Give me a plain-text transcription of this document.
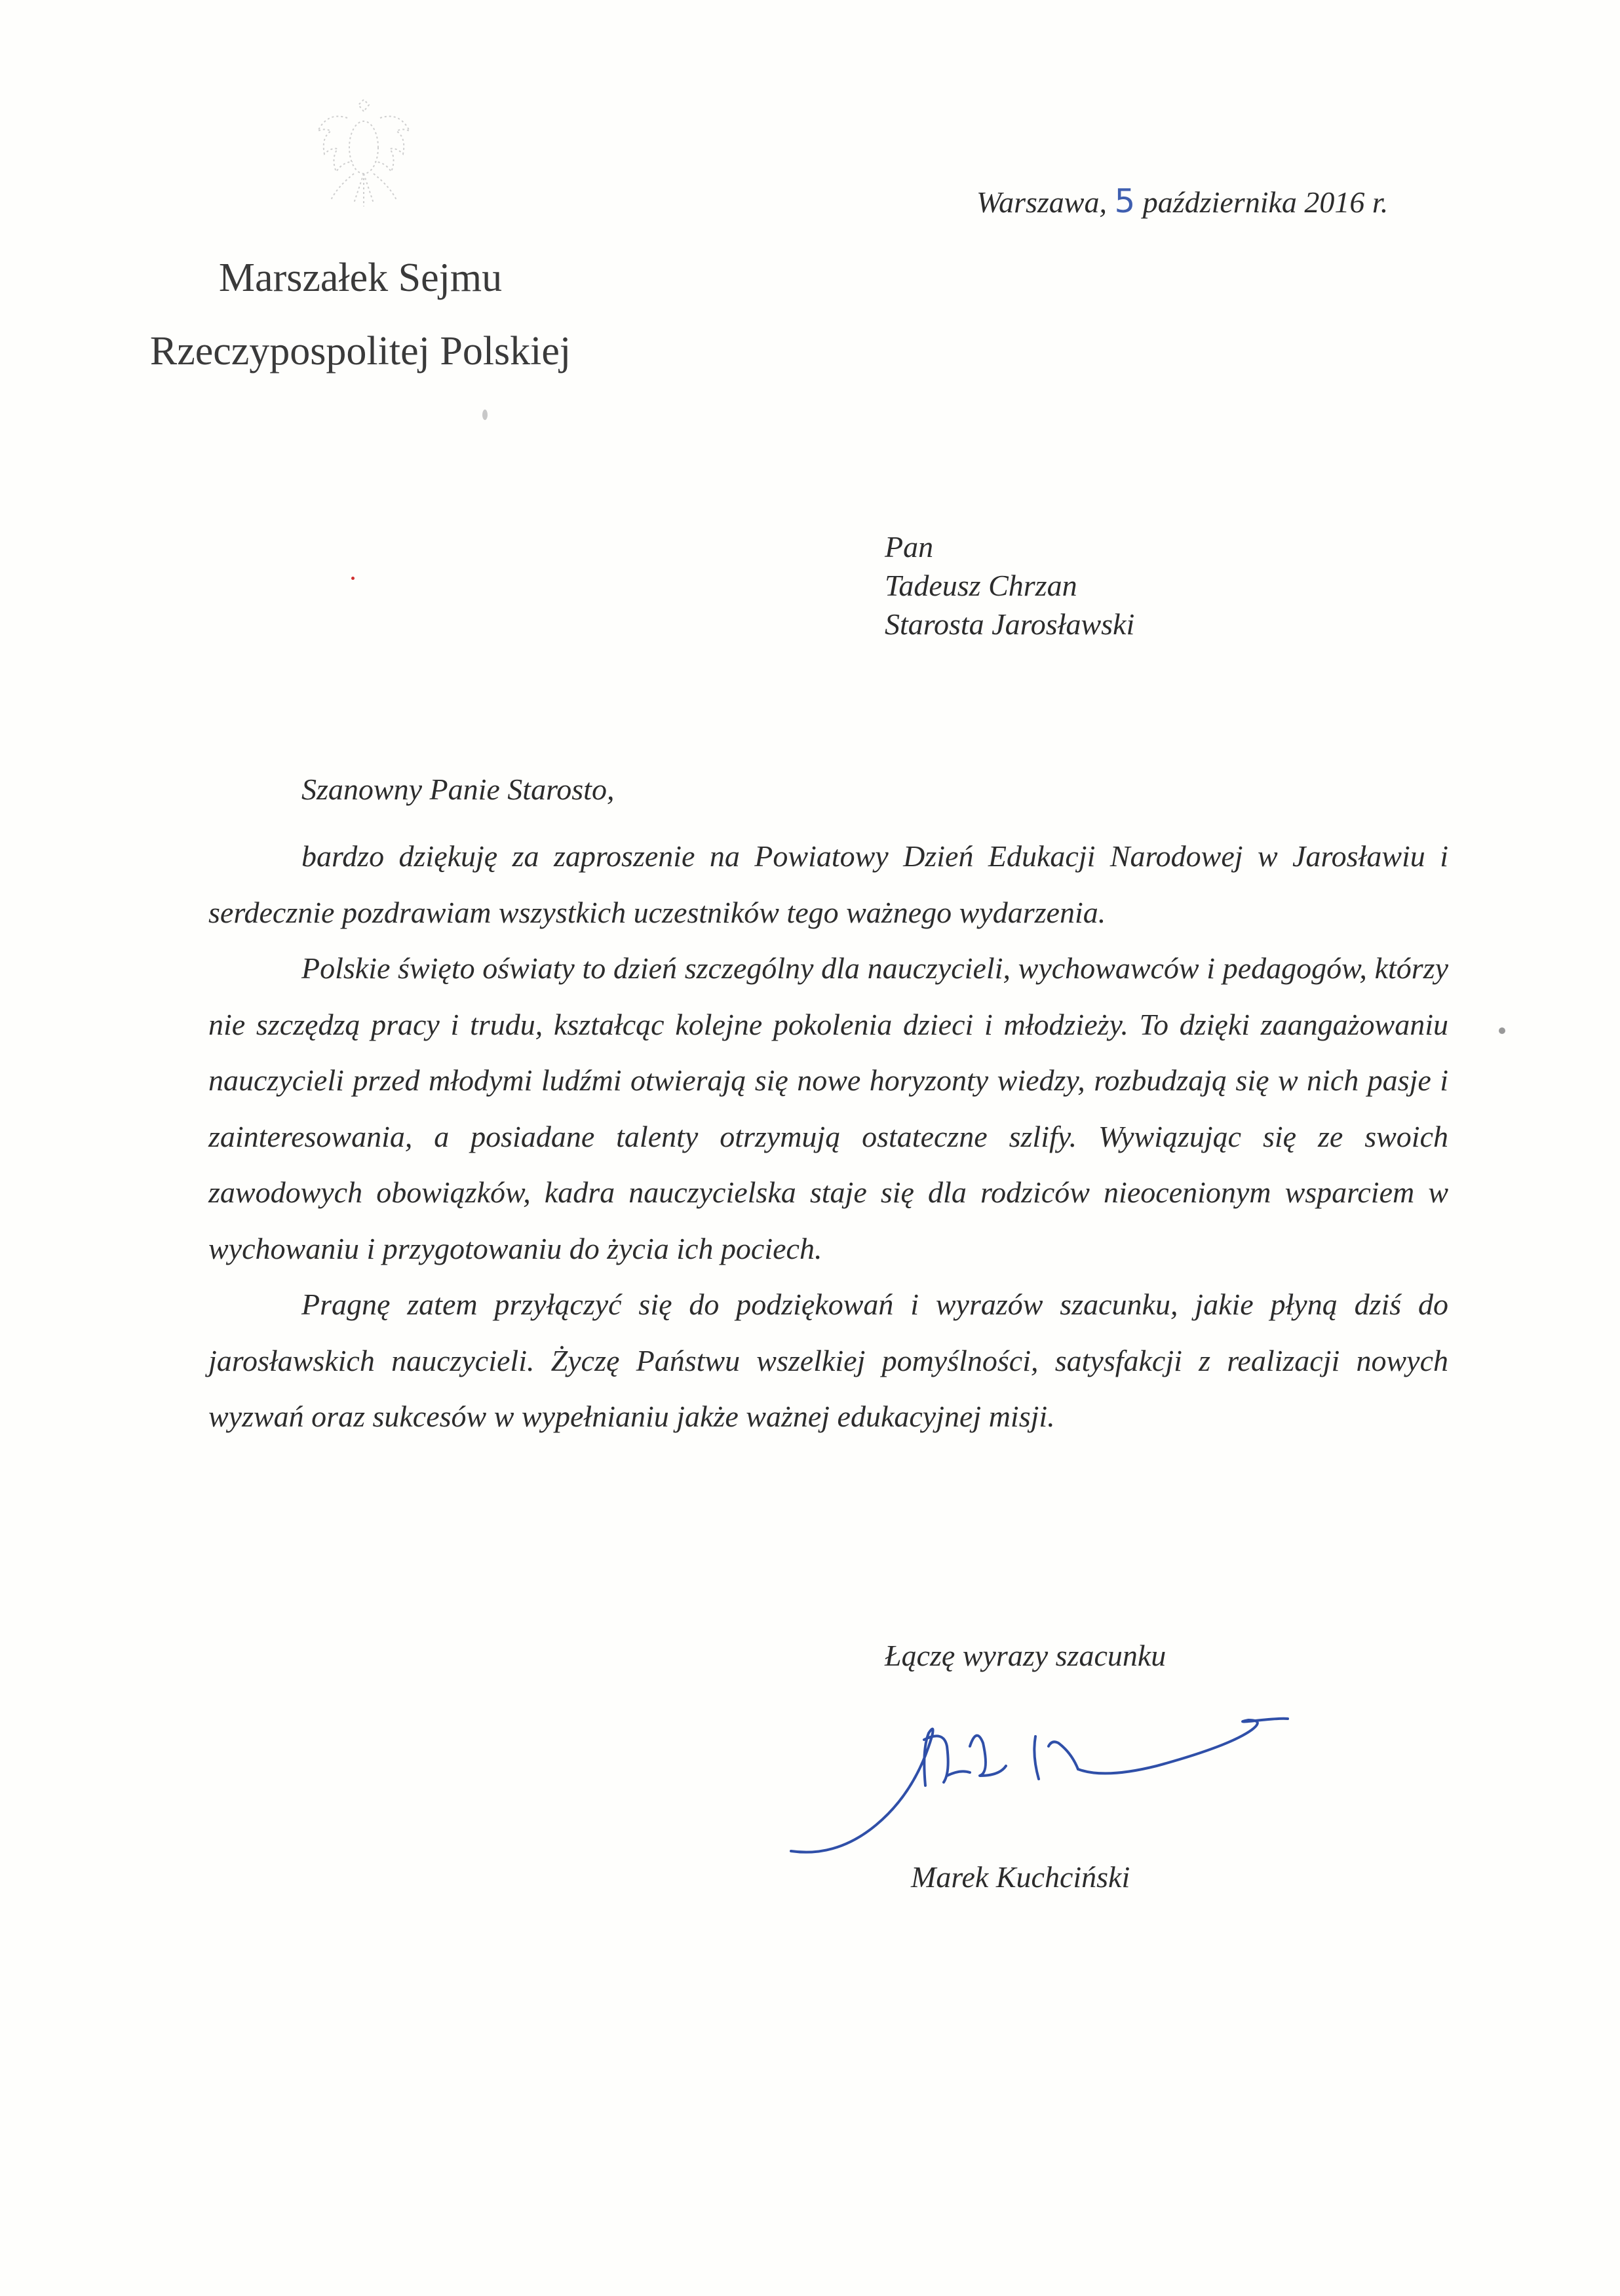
Marszałek Sejmu
Rzeczypospolitej Polskiej
Warszawa, 5 października 2016 r.
Pan
Tadeusz Chrzan
Starosta Jarosławski
Szanowny Panie Starosto,

bardzo dziękuję za zaproszenie na Powiatowy Dzień Edukacji Narodowej w Jarosławiu i serdecznie pozdrawiam wszystkich uczestników tego ważnego wydarzenia.

Polskie święto oświaty to dzień szczególny dla nauczycieli, wychowawców i pedagogów, którzy nie szczędzą pracy i trudu, kształcąc kolejne pokolenia dzieci i młodzieży. To dzięki zaangażowaniu nauczycieli przed młodymi ludźmi otwierają się nowe horyzonty wiedzy, rozbudzają się w nich pasje i zainteresowania, a posiadane talenty otrzymują ostateczne szlify. Wywiązując się ze swoich zawodowych obowiązków, kadra nauczycielska staje się dla rodziców nieocenionym wsparciem w wychowaniu i przygotowaniu do życia ich pociech.

Pragnę zatem przyłączyć się do podziękowań i wyrazów szacunku, jakie płyną dziś do jarosławskich nauczycieli. Życzę Państwu wszelkiej pomyślności, satysfakcji z realizacji nowych wyzwań oraz sukcesów w wypełnianiu jakże ważnej edukacyjnej misji.

Łączę wyrazy szacunku
Marek Kuchciński
